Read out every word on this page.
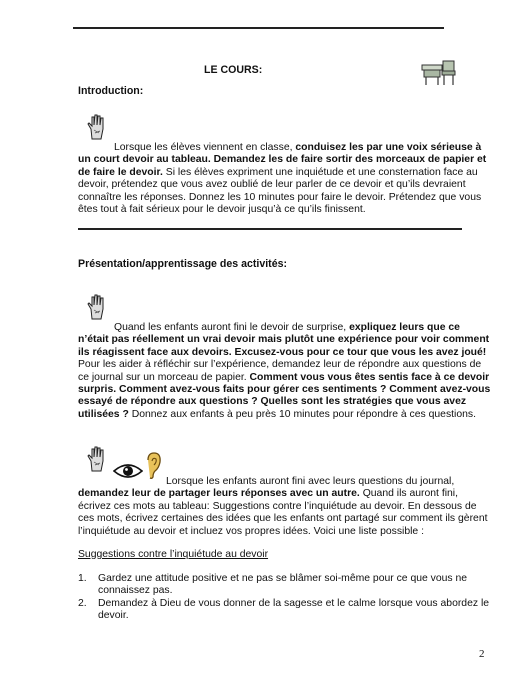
LE COURS:
Introduction:
Lorsque les élèves viennent en classe, conduisez les par une voix sérieuse à un court devoir au tableau. Demandez les de faire sortir des morceaux de papier et de faire le devoir. Si les élèves expriment une inquiétude et une consternation face au devoir, prétendez que vous avez oublié de leur parler de ce devoir et qu’ils devraient connaître les réponses. Donnez les 10 minutes pour faire le devoir. Prétendez que vous êtes tout à fait sérieux pour le devoir jusqu’à ce qu’ils finissent.
Présentation/apprentissage des activités:
Quand les enfants auront fini le devoir de surprise, expliquez leurs que ce n’était pas réellement un vrai devoir mais plutôt une expérience pour voir comment ils réagissent face aux devoirs. Excusez-vous pour ce tour que vous les avez joué! Pour les aider à réfléchir sur l’expérience, demandez leur de répondre aux questions de ce journal sur un morceau de papier. Comment vous vous êtes sentis face à ce devoir surpris. Comment avez-vous faits pour gérer ces sentiments ? Comment avez-vous essayé de répondre aux questions ? Quelles sont les stratégies que vous avez utilisées ? Donnez aux enfants à peu près 10 minutes pour répondre à ces questions.
Lorsque les enfants auront fini avec leurs questions du journal, demandez leur de partager leurs réponses avec un autre. Quand ils auront fini, écrivez ces mots au tableau: Suggestions contre l’inquiétude au devoir. En dessous de ces mots, écrivez certaines des idées que les enfants ont partagé sur comment ils gèrent l’inquiétude au devoir et incluez vos propres idées. Voici une liste possible :
Suggestions contre l’inquiétude au devoir
1.	Gardez une attitude positive et ne pas se blâmer soi-même pour ce que vous ne connaissez pas.
2.	Demandez à Dieu de vous donner de la sagesse et le calme lorsque vous abordez le devoir.
2
